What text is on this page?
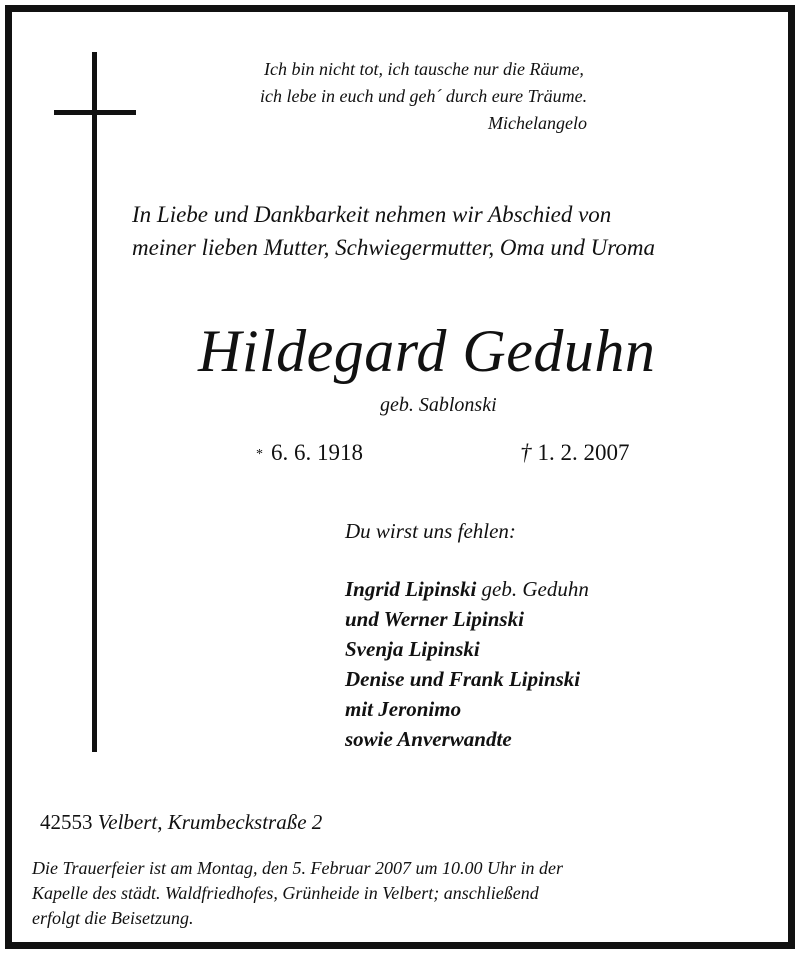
Ich bin nicht tot, ich tausche nur die Räume,
ich lebe in euch und geh´ durch eure Träume.
Michelangelo
In Liebe und Dankbarkeit nehmen wir Abschied von
meiner lieben Mutter, Schwiegermutter, Oma und Uroma
Hildegard Geduhn
geb. Sablonski
* 6. 6. 1918	† 1. 2. 2007
Du wirst uns fehlen:
Ingrid Lipinski geb. Geduhn
und Werner Lipinski
Svenja Lipinski
Denise und Frank Lipinski
mit Jeronimo
sowie Anverwandte
42553 Velbert, Krumbeckstraße 2
Die Trauerfeier ist am Montag, den 5. Februar 2007 um 10.00 Uhr in der
Kapelle des städt. Waldfriedhofes, Grünheide in Velbert; anschließend
erfolgt die Beisetzung.
